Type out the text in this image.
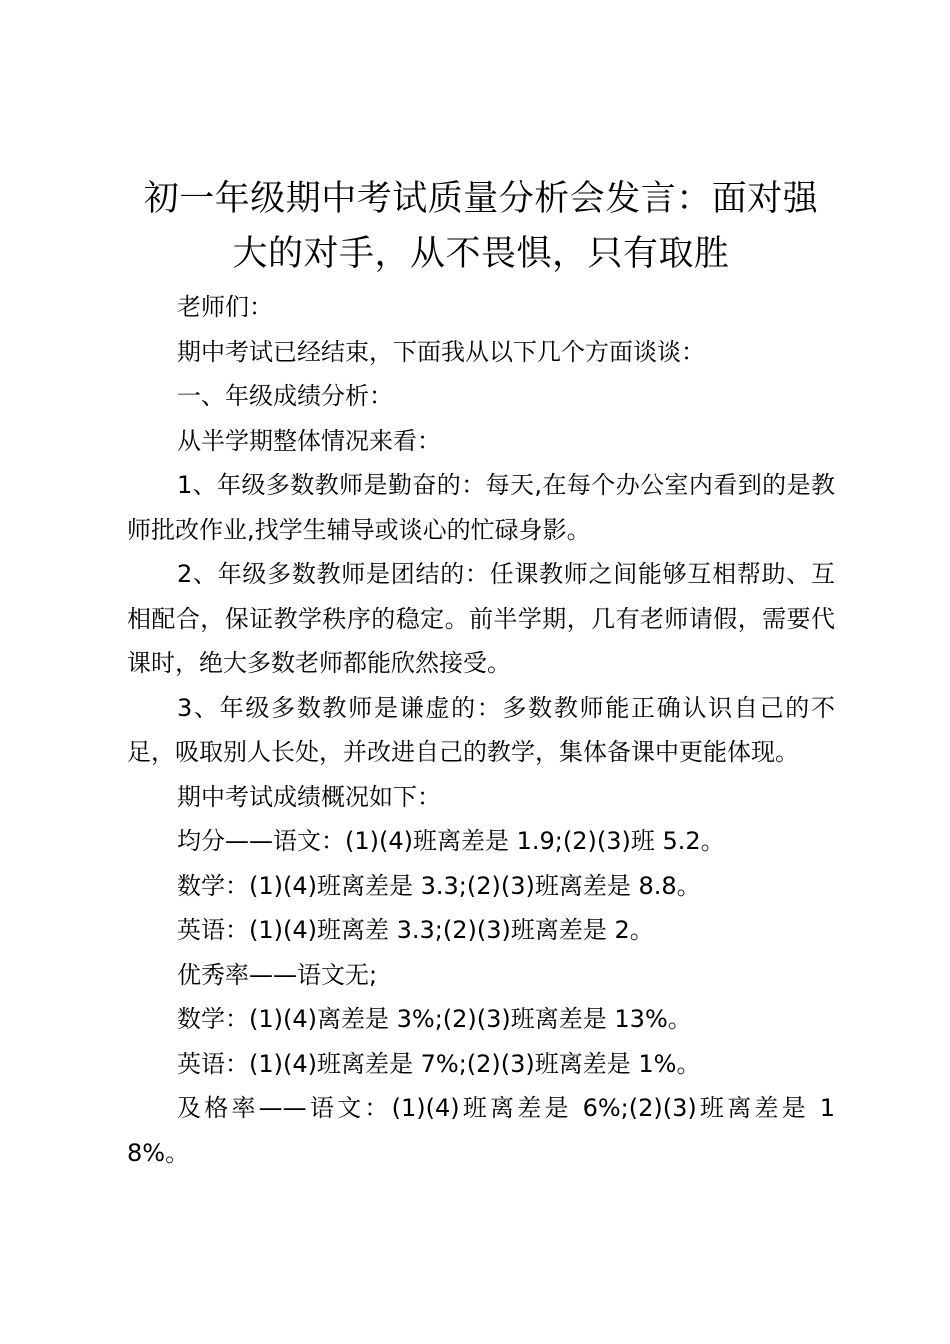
初一年级期中考试质量分析会发言：面对强大的对手，从不畏惧，只有取胜

老师们：

期中考试已经结束，下面我从以下几个方面谈谈：

一、年级成绩分析：

从半学期整体情况来看：

1、年级多数教师是勤奋的：每天,在每个办公室内看到的是教师批改作业,找学生辅导或谈心的忙碌身影。

2、年级多数教师是团结的：任课教师之间能够互相帮助、互相配合，保证教学秩序的稳定。前半学期，几有老师请假，需要代课时，绝大多数老师都能欣然接受。

3、年级多数教师是谦虚的：多数教师能正确认识自己的不足，吸取别人长处，并改进自己的教学，集体备课中更能体现。

期中考试成绩概况如下：

均分——语文：(1)(4)班离差是 1.9;(2)(3)班 5.2。

数学：(1)(4)班离差是 3.3;(2)(3)班离差是 8.8。

英语：(1)(4)班离差 3.3;(2)(3)班离差是 2。

优秀率——语文无;

数学：(1)(4)离差是 3%;(2)(3)班离差是 13%。

英语：(1)(4)班离差是 7%;(2)(3)班离差是 1%。

及格率——语文：(1)(4)班离差是 6%;(2)(3)班离差是 18%。
